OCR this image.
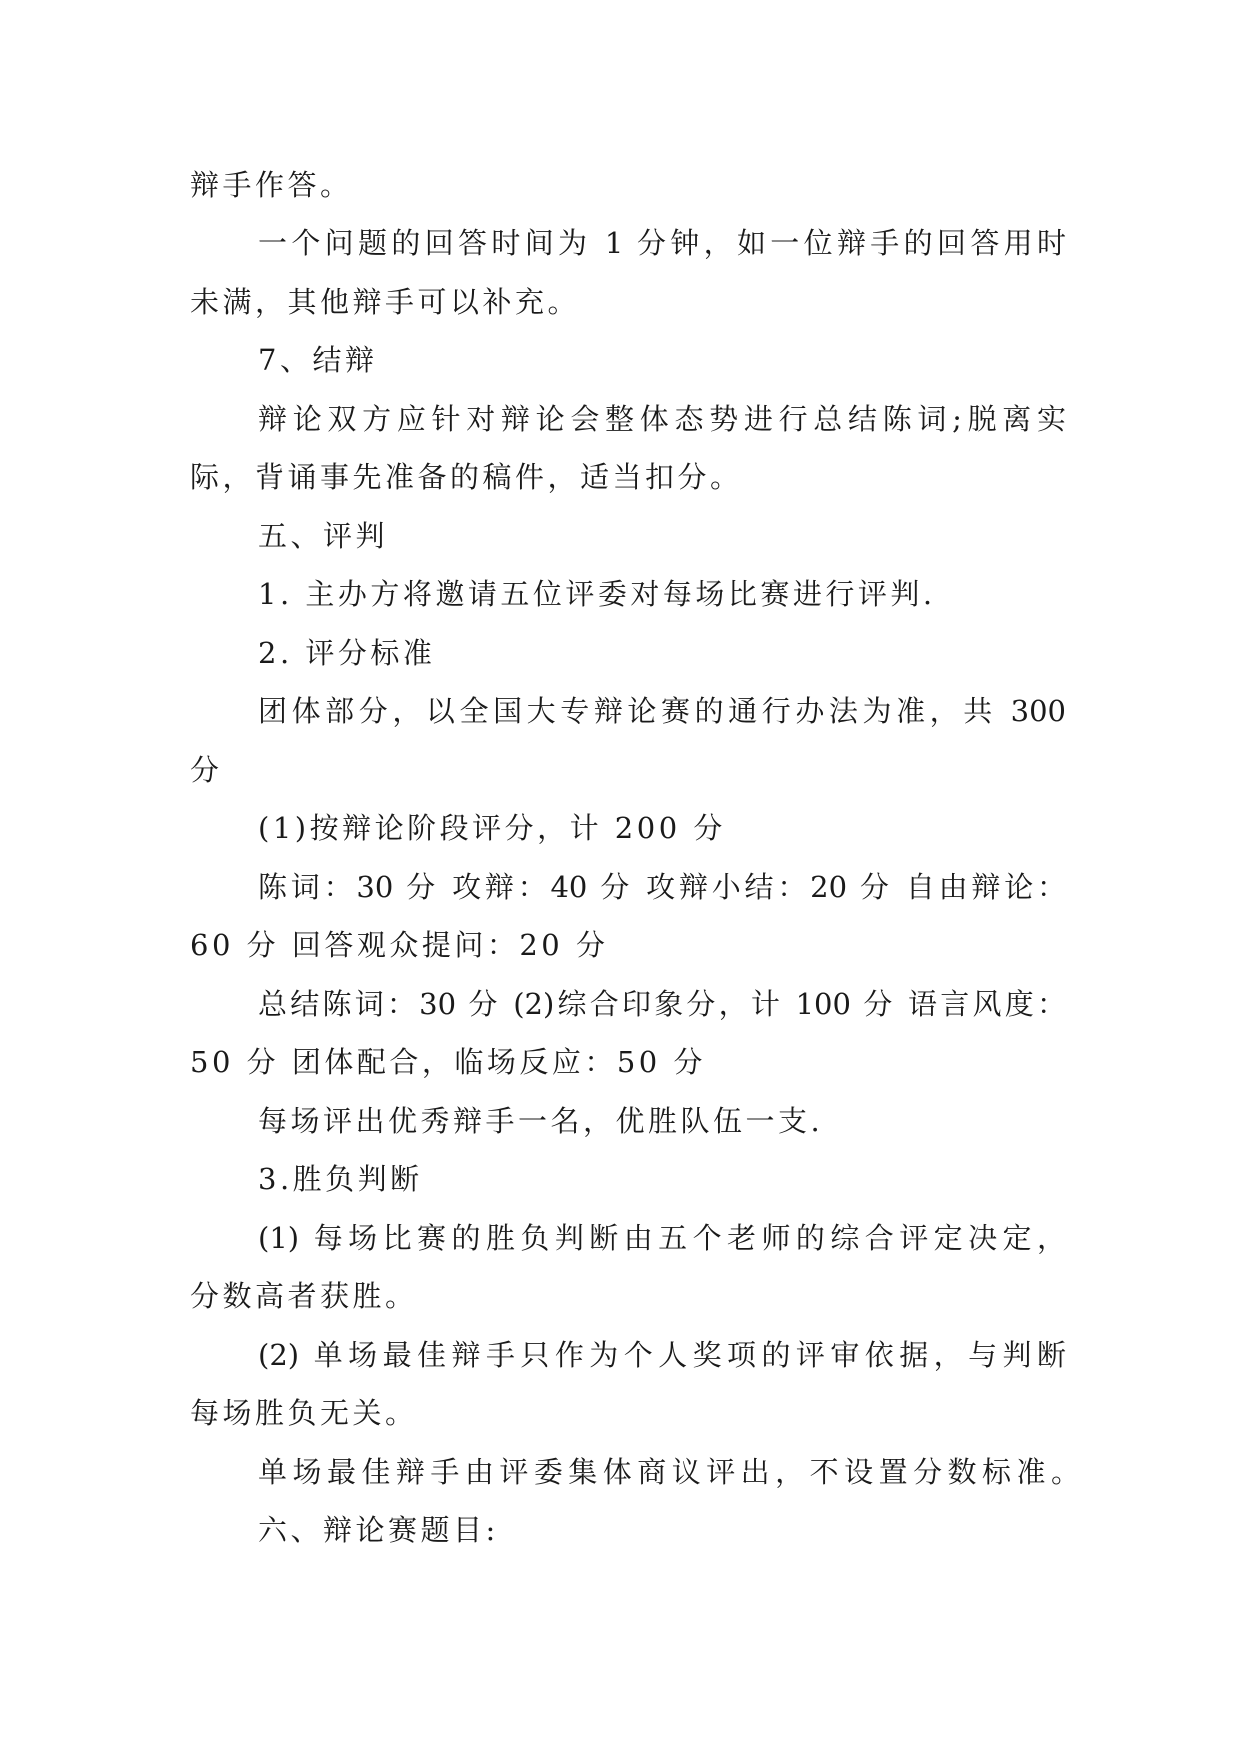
辩手作答。
一个问题的回答时间为 1 分钟，如一位辩手的回答用时
未满，其他辩手可以补充。
7、结辩
辩论双方应针对辩论会整体态势进行总结陈词;脱离实
际，背诵事先准备的稿件，适当扣分。
五、评判
1. 主办方将邀请五位评委对每场比赛进行评判.
2. 评分标准
团体部分，以全国大专辩论赛的通行办法为准，共 300
分
(1)按辩论阶段评分，计 200 分
陈词：30 分 攻辩：40 分 攻辩小结：20 分 自由辩论：
60 分 回答观众提问：20 分
总结陈词：30 分 (2)综合印象分，计 100 分 语言风度：
50 分 团体配合，临场反应：50 分
每场评出优秀辩手一名，优胜队伍一支.
3.胜负判断
(1) 每场比赛的胜负判断由五个老师的综合评定决定，
分数高者获胜。
(2) 单场最佳辩手只作为个人奖项的评审依据，与判断
每场胜负无关。
单场最佳辩手由评委集体商议评出，不设置分数标准。
六、辩论赛题目:
